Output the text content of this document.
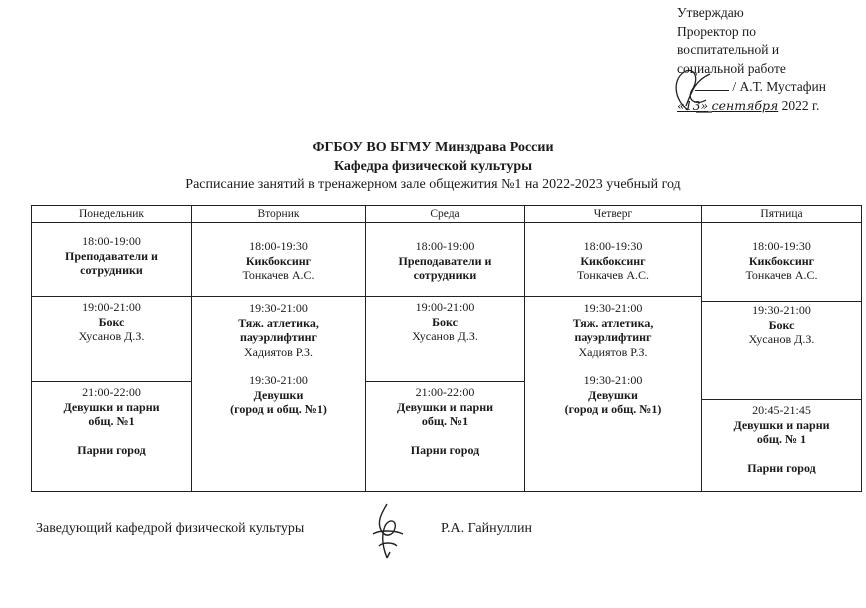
Утверждаю
Проректор по
воспитательной и
социальной работе
/ А.Т. Мустафин
«13» сентября 2022 г.
ФГБОУ ВО БГМУ Минздрава России
Кафедра физической культуры
Расписание занятий в тренажерном зале общежития №1 на 2022-2023 учебный год
Понедельник
18:00-19:00
Преподаватели и сотрудники
19:00-21:00
Бокс
Хусанов Д.З.
21:00-22:00
Девушки и парни общ. №1
Парни город
Вторник
18:00-19:30
Кикбоксинг
Тонкачев А.С.
19:30-21:00
Тяж. атлетика, пауэрлифтинг
Хадиятов Р.З.
19:30-21:00
Девушки
(город и общ. №1)
Среда
18:00-19:00
Преподаватели и сотрудники
19:00-21:00
Бокс
Хусанов Д.З.
21:00-22:00
Девушки и парни общ. №1
Парни город
Четверг
18:00-19:30
Кикбоксинг
Тонкачев А.С.
19:30-21:00
Тяж. атлетика, пауэрлифтинг
Хадиятов Р.З.
19:30-21:00
Девушки
(город и общ. №1)
Пятница
18:00-19:30
Кикбоксинг
Тонкачев А.С.
19:30-21:00
Бокс
Хусанов Д.З.
20:45-21:45
Девушки и парни общ. № 1
Парни город
Заведующий кафедрой физической культуры	Р.А. Гайнуллин
